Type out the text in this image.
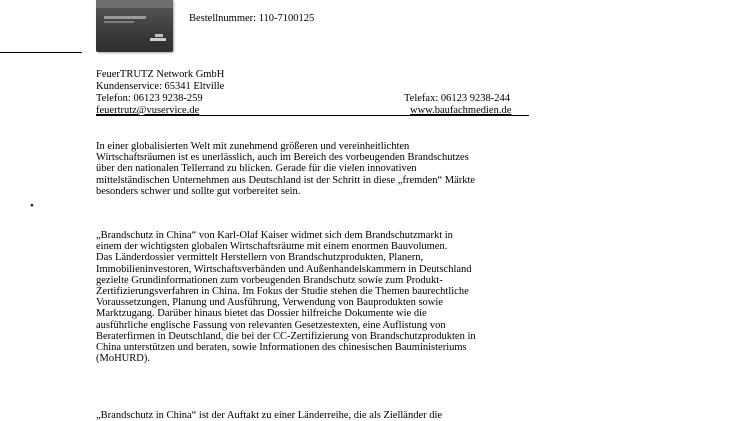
Bestellnummer: 110-7100125
FeuerTRUTZ Network GmbH
Kundenservice: 65341 Eltville
Telefon: 06123 9238-259	Telefax: 06123 9238-244
feuertrutz@vuservice.de	www.baufachmedien.de
•
In einer globalisierten Welt mit zunehmend größeren und vereinheitlichten
Wirtschaftsräumen ist es unerlässlich, auch im Bereich des vorbeugenden Brandschutzes
über den nationalen Tellerrand zu blicken. Gerade für die vielen innovativen
mittelständischen Unternehmen aus Deutschland ist der Schritt in diese „fremden“ Märkte
besonders schwer und sollte gut vorbereitet sein.
„Brandschutz in China“ von Karl-Olaf Kaiser widmet sich dem Brandschutzmarkt in
einem der wichtigsten globalen Wirtschaftsräume mit einem enormen Bauvolumen.
Das Länderdossier vermittelt Herstellern von Brandschutzprodukten, Planern,
Immobilieninvestoren, Wirtschaftsverbänden und Außenhandelskammern in Deutschland
gezielte Grundinformationen zum vorbeugenden Brandschutz sowie zum Produkt-
Zertifizierungsverfahren in China. Im Fokus der Studie stehen die Themen baurechtliche
Voraussetzungen, Planung und Ausführung, Verwendung von Bauprodukten sowie
Marktzugang. Darüber hinaus bietet das Dossier hilfreiche Dokumente wie die
ausführliche englische Fassung von relevanten Gesetzestexten, eine Auflistung von
Beraterfirmen in Deutschland, die bei der CC-Zertifizierung von Brandschutzprodukten in
China unterstützen und beraten, sowie Informationen des chinesischen Bauministeriums
(MoHURD).
„Brandschutz in China“ ist der Auftakt zu einer Länderreihe, die als Zielländer die
